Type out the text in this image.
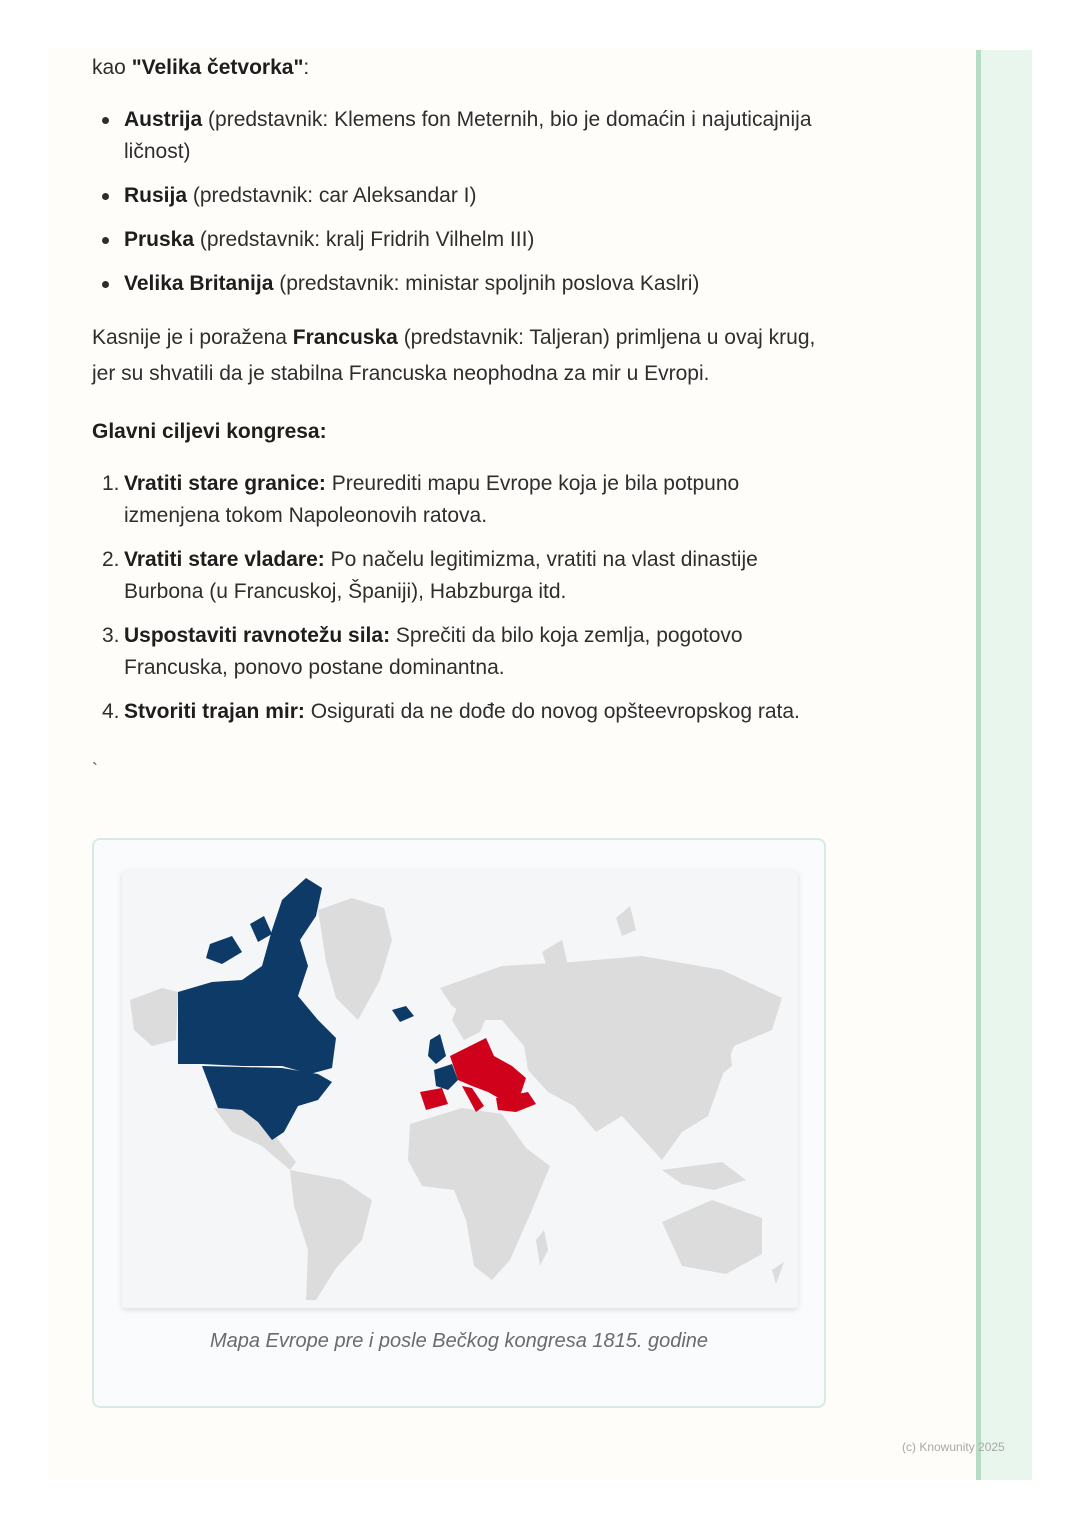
kao "Velika četvorka":

Austrija (predstavnik: Klemens fon Meternih, bio je domaćin i najuticajnija ličnost)
Rusija (predstavnik: car Aleksandar I)
Pruska (predstavnik: kralj Fridrih Vilhelm III)
Velika Britanija (predstavnik: ministar spoljnih poslova Kaslri)

Kasnije je i poražena Francuska (predstavnik: Taljeran) primljena u ovaj krug, jer su shvatili da je stabilna Francuska neophodna za mir u Evropi.

Glavni ciljevi kongresa:

1. Vratiti stare granice: Preurediti mapu Evrope koja je bila potpuno izmenjena tokom Napoleonovih ratova.
2. Vratiti stare vladare: Po načelu legitimizma, vratiti na vlast dinastije Burbona (u Francuskoj, Španiji), Habzburga itd.
3. Uspostaviti ravnotežu sila: Sprečiti da bilo koja zemlja, pogotovo Francuska, ponovo postane dominantna.
4. Stvoriti trajan mir: Osigurati da ne dođe do novog opšteevropskog rata.
`
Mapa Evrope pre i posle Bečkog kongresa 1815. godine
(c) Knowunity 2025
